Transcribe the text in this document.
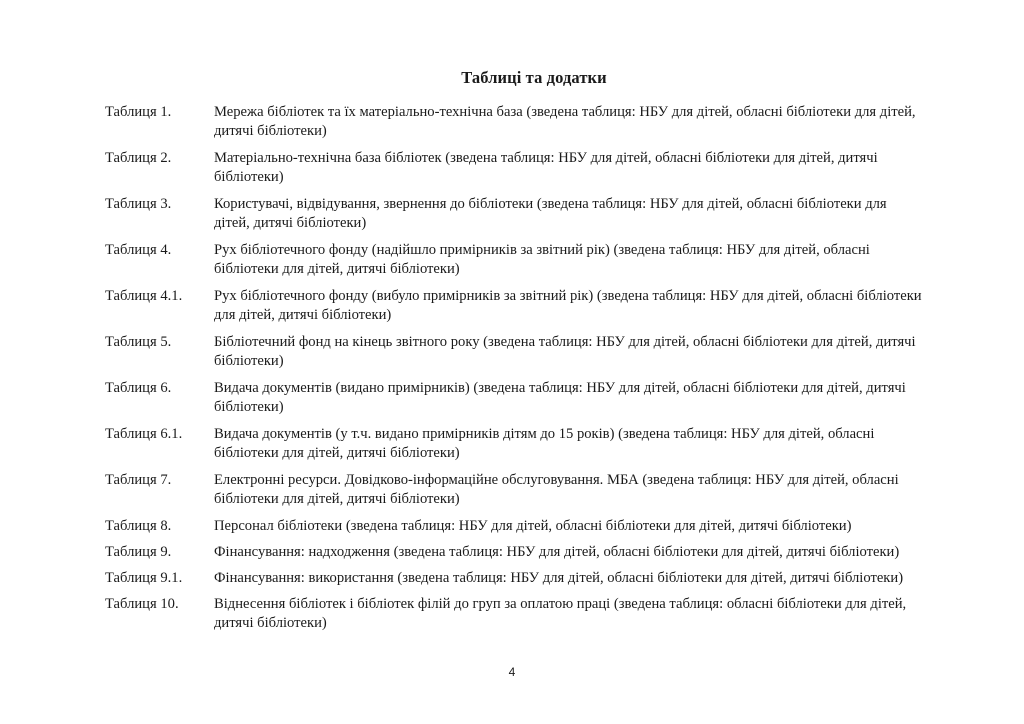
Таблиці та додатки
Таблиця 1.	Мережа бібліотек та їх матеріально-технічна база (зведена таблиця: НБУ для дітей, обласні бібліотеки для дітей, дитячі бібліотеки)
Таблиця 2.	Матеріально-технічна база бібліотек (зведена таблиця: НБУ для дітей, обласні бібліотеки для дітей, дитячі бібліотеки)
Таблиця 3.	Користувачі, відвідування, звернення до бібліотеки (зведена таблиця: НБУ для дітей, обласні бібліотеки для дітей, дитячі бібліотеки)
Таблиця 4.	Рух бібліотечного фонду (надійшло примірників за звітний рік) (зведена таблиця: НБУ для дітей, обласні бібліотеки для дітей, дитячі бібліотеки)
Таблиця 4.1.	Рух бібліотечного фонду (вибуло примірників за звітний рік) (зведена таблиця: НБУ для дітей, обласні бібліотеки для дітей, дитячі бібліотеки)
Таблиця 5.	Бібліотечний фонд на кінець звітного року (зведена таблиця: НБУ для дітей, обласні бібліотеки для дітей, дитячі бібліотеки)
Таблиця 6.	Видача документів (видано примірників) (зведена таблиця: НБУ для дітей, обласні бібліотеки для дітей, дитячі бібліотеки)
Таблиця 6.1.	Видача документів (у т.ч. видано примірників дітям до 15 років) (зведена таблиця: НБУ для дітей, обласні бібліотеки для дітей, дитячі бібліотеки)
Таблиця 7.	Електронні ресурси. Довідково-інформаційне обслуговування. МБА (зведена таблиця: НБУ для дітей, обласні бібліотеки для дітей, дитячі бібліотеки)
Таблиця 8.	Персонал бібліотеки (зведена таблиця: НБУ для дітей, обласні бібліотеки для дітей, дитячі бібліотеки)
Таблиця 9.	Фінансування: надходження (зведена таблиця: НБУ для дітей, обласні бібліотеки для дітей, дитячі бібліотеки)
Таблиця 9.1.	Фінансування: використання (зведена таблиця: НБУ для дітей, обласні бібліотеки для дітей, дитячі бібліотеки)
Таблиця 10.	Віднесення бібліотек і бібліотек філій до груп за оплатою праці (зведена таблиця: обласні бібліотеки для дітей, дитячі бібліотеки)
4
